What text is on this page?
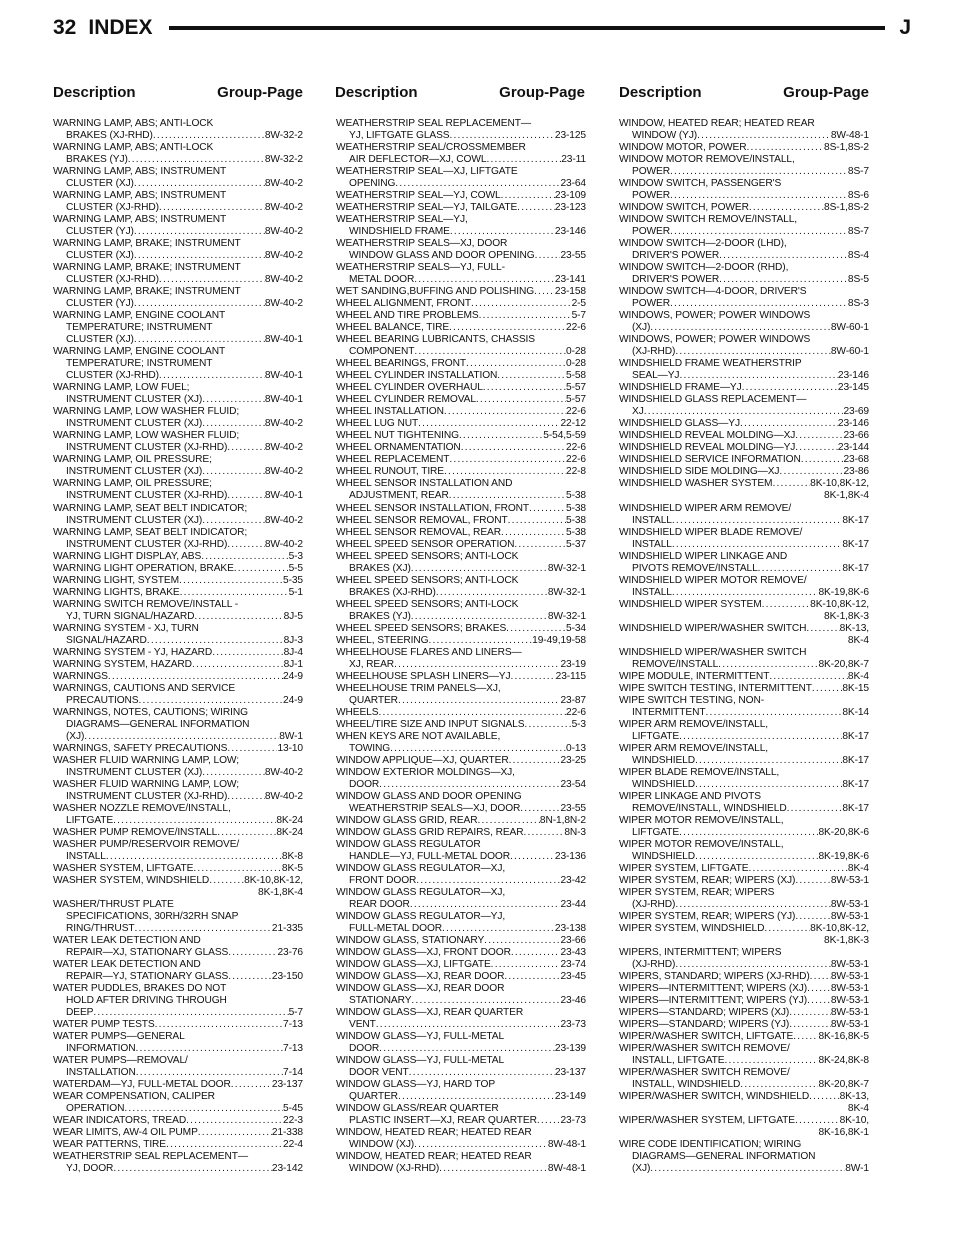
32 INDEX	J
Description	Group-Page Description	Group-Page Description	Group-Page
WARNING LAMP, ABS; ANTI-LOCK
BRAKES (XJ-RHD) .....	8W-32-2
WARNING LAMP, ABS; ANTI-LOCK
BRAKES (YJ) .....	8W-32-2
WARNING LAMP, ABS; INSTRUMENT
CLUSTER (XJ) .....	8W-40-2
WARNING LAMP, ABS; INSTRUMENT
CLUSTER (XJ-RHD) .....	8W-40-2
WARNING LAMP, ABS; INSTRUMENT
CLUSTER (YJ) .....	8W-40-2
WARNING LAMP, BRAKE; INSTRUMENT
CLUSTER (XJ) .....	8W-40-2
WARNING LAMP, BRAKE; INSTRUMENT
CLUSTER (XJ-RHD) .....	8W-40-2
WARNING LAMP, BRAKE; INSTRUMENT
CLUSTER (YJ) .....	8W-40-2
WARNING LAMP, ENGINE COOLANT
TEMPERATURE; INSTRUMENT
CLUSTER (XJ) .....	8W-40-1
WARNING LAMP, ENGINE COOLANT
TEMPERATURE; INSTRUMENT
CLUSTER (XJ-RHD) .....	8W-40-1
WARNING LAMP, LOW FUEL;
INSTRUMENT CLUSTER (XJ) .....	8W-40-1
WARNING LAMP, LOW WASHER FLUID;
INSTRUMENT CLUSTER (XJ) .....	8W-40-2
WARNING LAMP, LOW WASHER FLUID;
INSTRUMENT CLUSTER (XJ-RHD) .....	8W-40-2
WARNING LAMP, OIL PRESSURE;
INSTRUMENT CLUSTER (XJ) .....	8W-40-2
WARNING LAMP, OIL PRESSURE;
INSTRUMENT CLUSTER (XJ-RHD) .....	8W-40-1
WARNING LAMP, SEAT BELT INDICATOR;
INSTRUMENT CLUSTER (XJ) .....	8W-40-2
WARNING LAMP, SEAT BELT INDICATOR;
INSTRUMENT CLUSTER (XJ-RHD) .....	8W-40-2
WARNING LIGHT DISPLAY, ABS .....	5-3
WARNING LIGHT OPERATION, BRAKE .....	5-5
WARNING LIGHT, SYSTEM .....	5-35
WARNING LIGHTS, BRAKE .....	5-1
WARNING SWITCH REMOVE/INSTALL -
YJ, TURN SIGNAL/HAZARD .....	8J-5
WARNING SYSTEM - XJ, TURN
SIGNAL/HAZARD .....	8J-3
WARNING SYSTEM - YJ, HAZARD .....	8J-4
WARNING SYSTEM, HAZARD .....	8J-1
WARNINGS .....	24-9
WARNINGS, CAUTIONS AND SERVICE
PRECAUTIONS .....	24-9
WARNINGS, NOTES, CAUTIONS; WIRING
DIAGRAMS—GENERAL INFORMATION
(XJ) .....	8W-1
WARNINGS, SAFETY PRECAUTIONS .....	13-10
WASHER FLUID WARNING LAMP, LOW;
INSTRUMENT CLUSTER (XJ) .....	8W-40-2
WASHER FLUID WARNING LAMP, LOW;
INSTRUMENT CLUSTER (XJ-RHD) .....	8W-40-2
WASHER NOZZLE REMOVE/INSTALL,
LIFTGATE .....	8K-24
WASHER PUMP REMOVE/INSTALL .....	8K-24
WASHER PUMP/RESERVOIR REMOVE/
INSTALL .....	8K-8
WASHER SYSTEM, LIFTGATE .....	8K-5
WASHER SYSTEM, WINDSHIELD .....	8K-10,8K-12,
8K-1,8K-4
WASHER/THRUST PLATE
SPECIFICATIONS, 30RH/32RH SNAP
RING/THRUST .....	21-335
WATER LEAK DETECTION AND
REPAIR—XJ, STATIONARY GLASS .....	23-76
WATER LEAK DETECTION AND
REPAIR—YJ, STATIONARY GLASS .....	23-150
WATER PUDDLES, BRAKES DO NOT
HOLD AFTER DRIVING THROUGH
DEEP .....	5-7
WATER PUMP TESTS .....	7-13
WATER PUMPS—GENERAL
INFORMATION .....	7-13
WATER PUMPS—REMOVAL/
INSTALLATION .....	7-14
WATERDAM—YJ, FULL-METAL DOOR .....	23-137
WEAR COMPENSATION, CALIPER
OPERATION .....	5-45
WEAR INDICATORS, TREAD .....	22-3
WEAR LIMITS, AW-4 OIL PUMP .....	21-338
WEAR PATTERNS, TIRE .....	22-4
WEATHERSTRIP SEAL REPLACEMENT—
YJ, DOOR .....	23-142
WEATHERSTRIP SEAL REPLACEMENT—
YJ, LIFTGATE GLASS .....	23-125
WEATHERSTRIP SEAL/CROSSMEMBER
AIR DEFLECTOR—XJ, COWL .....	23-11
WEATHERSTRIP SEAL—XJ, LIFTGATE
OPENING .....	23-64
WEATHERSTRIP SEAL—YJ, COWL .....	23-109
WEATHERSTRIP SEAL—YJ, TAILGATE .....	23-123
WEATHERSTRIP SEAL—YJ,
WINDSHIELD FRAME .....	23-146
WEATHERSTRIP SEALS—XJ, DOOR
WINDOW GLASS AND DOOR OPENING .....	23-55
WEATHERSTRIP SEALS—YJ, FULL-
METAL DOOR .....	23-141
WET SANDING,BUFFING AND POLISHING ..... 23-158
WHEEL ALIGNMENT, FRONT .....	2-5
WHEEL AND TIRE PROBLEMS .....	5-7
WHEEL BALANCE, TIRE .....	22-6
WHEEL BEARING LUBRICANTS, CHASSIS
COMPONENT .....	0-28
WHEEL BEARINGS, FRONT .....	0-28
WHEEL CYLINDER INSTALLATION .....	5-58
WHEEL CYLINDER OVERHAUL .....	5-57
WHEEL CYLINDER REMOVAL .....	5-57
WHEEL INSTALLATION .....	22-6
WHEEL LUG NUT .....	22-12
WHEEL NUT TIGHTENING .....	5-54,5-59
WHEEL ORNAMENTATION .....	22-6
WHEEL REPLACEMENT .....	22-6
WHEEL RUNOUT, TIRE .....	22-8
WHEEL SENSOR INSTALLATION AND
ADJUSTMENT, REAR .....	5-38
WHEEL SENSOR INSTALLATION, FRONT .....	5-38
WHEEL SENSOR REMOVAL, FRONT .....	5-38
WHEEL SENSOR REMOVAL, REAR .....	5-38
WHEEL SPEED SENSOR OPERATION .....	5-37
WHEEL SPEED SENSORS; ANTI-LOCK
BRAKES (XJ) .....	8W-32-1
WHEEL SPEED SENSORS; ANTI-LOCK
BRAKES (XJ-RHD) .....	8W-32-1
WHEEL SPEED SENSORS; ANTI-LOCK
BRAKES (YJ) .....	8W-32-1
WHEEL SPEED SENSORS; BRAKES .....	5-34
WHEEL, STEERING .....	19-49,19-58
WHEELHOUSE FLARES AND LINERS—
XJ, REAR .....	23-19
WHEELHOUSE SPLASH LINERS—YJ .....	23-115
WHEELHOUSE TRIM PANELS—XJ,
QUARTER .....	23-87
WHEELS .....	22-6
WHEEL/TIRE SIZE AND INPUT SIGNALS .....	5-3
WHEN KEYS ARE NOT AVAILABLE,
TOWING .....	0-13
WINDOW APPLIQUE—XJ, QUARTER .....	23-25
WINDOW EXTERIOR MOLDINGS—XJ,
DOOR .....	23-54
WINDOW GLASS AND DOOR OPENING
WEATHERSTRIP SEALS—XJ, DOOR .....	23-55
WINDOW GLASS GRID, REAR .....	8N-1,8N-2
WINDOW GLASS GRID REPAIRS, REAR .....	8N-3
WINDOW GLASS REGULATOR
HANDLE—YJ, FULL-METAL DOOR .....	23-136
WINDOW GLASS REGULATOR—XJ,
FRONT DOOR .....	23-42
WINDOW GLASS REGULATOR—XJ,
REAR DOOR .....	23-44
WINDOW GLASS REGULATOR—YJ,
FULL-METAL DOOR .....	23-138
WINDOW GLASS, STATIONARY .....	23-66
WINDOW GLASS—XJ, FRONT DOOR .....	23-43
WINDOW GLASS—XJ, LIFTGATE .....	23-74
WINDOW GLASS—XJ, REAR DOOR .....	23-45
WINDOW GLASS—XJ, REAR DOOR
STATIONARY .....	23-46
WINDOW GLASS—XJ, REAR QUARTER
VENT .....	23-73
WINDOW GLASS—YJ, FULL-METAL
DOOR .....	23-139
WINDOW GLASS—YJ, FULL-METAL
DOOR VENT .....	23-137
WINDOW GLASS—YJ, HARD TOP
QUARTER .....	23-149
WINDOW GLASS/REAR QUARTER
PLASTIC INSERT—XJ, REAR QUARTER ..... 23-73
WINDOW, HEATED REAR; HEATED REAR
WINDOW (XJ) .....	8W-48-1
WINDOW, HEATED REAR; HEATED REAR
WINDOW (XJ-RHD) .....	8W-48-1
WINDOW, HEATED REAR; HEATED REAR
WINDOW (YJ) .....	8W-48-1
WINDOW MOTOR, POWER .....	8S-1,8S-2
WINDOW MOTOR REMOVE/INSTALL,
POWER .....	8S-7
WINDOW SWITCH, PASSENGER'S
POWER .....	8S-6
WINDOW SWITCH, POWER .....	8S-1,8S-2
WINDOW SWITCH REMOVE/INSTALL,
POWER .....	8S-7
WINDOW SWITCH—2-DOOR (LHD),
DRIVER'S POWER .....	8S-4
WINDOW SWITCH—2-DOOR (RHD),
DRIVER'S POWER .....	8S-5
WINDOW SWITCH—4-DOOR, DRIVER'S
POWER .....	8S-3
WINDOWS, POWER; POWER WINDOWS
(XJ) .....	8W-60-1
WINDOWS, POWER; POWER WINDOWS
(XJ-RHD) .....	8W-60-1
WINDSHIELD FRAME WEATHERSTRIP
SEAL—YJ .....	23-146
WINDSHIELD FRAME—YJ .....	23-145
WINDSHIELD GLASS REPLACEMENT—
XJ .....	23-69
WINDSHIELD GLASS—YJ .....	23-146
WINDSHIELD REVEAL MOLDING—XJ .....	23-66
WINDSHIELD REVEAL MOLDING—YJ .....	23-144
WINDSHIELD SERVICE INFORMATION .....	23-68
WINDSHIELD SIDE MOLDING—XJ .....	23-86
WINDSHIELD WASHER SYSTEM .....	8K-10,8K-12,
8K-1,8K-4
WINDSHIELD WIPER ARM REMOVE/
INSTALL .....	8K-17
WINDSHIELD WIPER BLADE REMOVE/
INSTALL .....	8K-17
WINDSHIELD WIPER LINKAGE AND
PIVOTS REMOVE/INSTALL .....	8K-17
WINDSHIELD WIPER MOTOR REMOVE/
INSTALL .....	8K-19,8K-6
WINDSHIELD WIPER SYSTEM .....	8K-10,8K-12,
8K-1,8K-3
WINDSHIELD WIPER/WASHER SWITCH .....	8K-13,
8K-4
WINDSHIELD WIPER/WASHER SWITCH
REMOVE/INSTALL .....	8K-20,8K-7
WIPE MODULE, INTERMITTENT .....	8K-4
WIPE SWITCH TESTING, INTERMITTENT .....	8K-15
WIPE SWITCH TESTING, NON-
INTERMITTENT .....	8K-14
WIPER ARM REMOVE/INSTALL,
LIFTGATE .....	8K-17
WIPER ARM REMOVE/INSTALL,
WINDSHIELD .....	8K-17
WIPER BLADE REMOVE/INSTALL,
WINDSHIELD .....	8K-17
WIPER LINKAGE AND PIVOTS
REMOVE/INSTALL, WINDSHIELD .....	8K-17
WIPER MOTOR REMOVE/INSTALL,
LIFTGATE .....	8K-20,8K-6
WIPER MOTOR REMOVE/INSTALL,
WINDSHIELD .....	8K-19,8K-6
WIPER SYSTEM, LIFTGATE .....	8K-4
WIPER SYSTEM, REAR; WIPERS (XJ) .....	8W-53-1
WIPER SYSTEM, REAR; WIPERS
(XJ-RHD) .....	8W-53-1
WIPER SYSTEM, REAR; WIPERS (YJ) .....	8W-53-1
WIPER SYSTEM, WINDSHIELD .....	8K-10,8K-12,
8K-1,8K-3
WIPERS, INTERMITTENT; WIPERS
(XJ-RHD) .....	8W-53-1
WIPERS, STANDARD; WIPERS (XJ-RHD) ..... 8W-53-1
WIPERS—INTERMITTENT; WIPERS (XJ) ..... 8W-53-1
WIPERS—INTERMITTENT; WIPERS (YJ) ..... 8W-53-1
WIPERS—STANDARD; WIPERS (XJ) .....	8W-53-1
WIPERS—STANDARD; WIPERS (YJ) .....	8W-53-1
WIPER/WASHER SWITCH, LIFTGATE ..... 8K-16,8K-5
WIPER/WASHER SWITCH REMOVE/
INSTALL, LIFTGATE .....	8K-24,8K-8
WIPER/WASHER SWITCH REMOVE/
INSTALL, WINDSHIELD .....	8K-20,8K-7
WIPER/WASHER SWITCH, WINDSHIELD .....	8K-13,
8K-4
WIPER/WASHER SYSTEM, LIFTGATE .....	8K-10,
8K-16,8K-1
WIRE CODE IDENTIFICATION; WIRING
DIAGRAMS—GENERAL INFORMATION
(XJ) .....	8W-1
